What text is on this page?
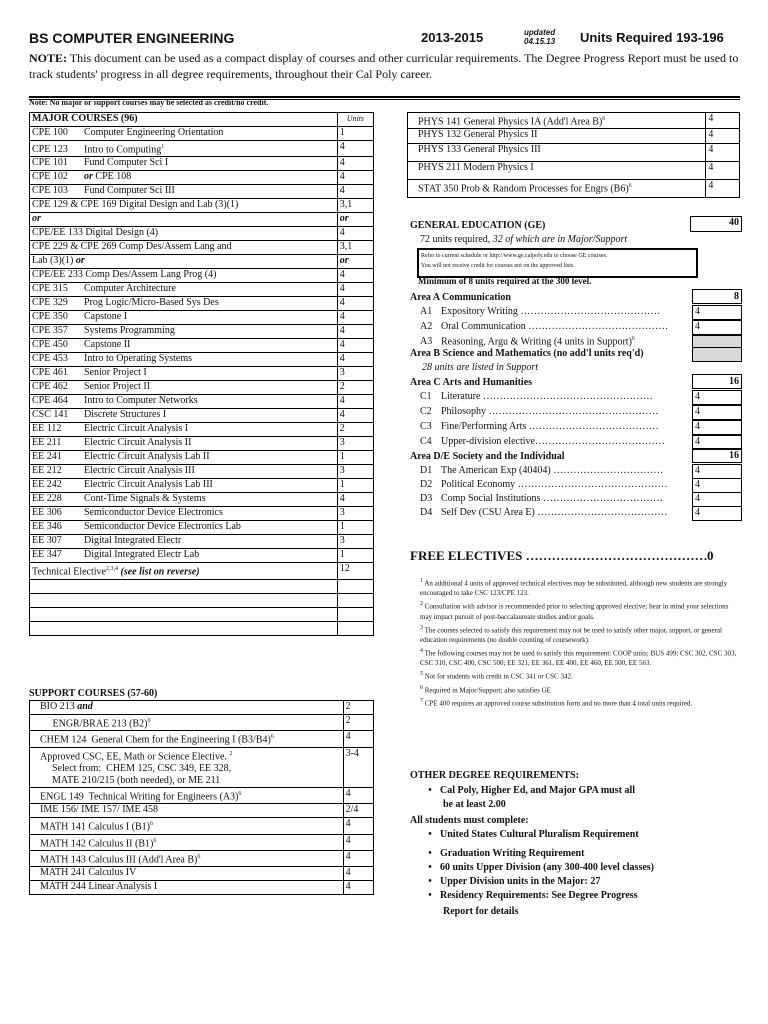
BS COMPUTER ENGINEERING	2013-2015	updated
04.15.13 Units Required 193-196
NOTE: This document can be used as a compact display of courses and other curricular requirements. The Degree Progress Report must be used to track students' progress in all degree requirements, throughout their Cal Poly career.
Note: No major or support courses may be selected as credit/no credit.
MAJOR COURSES (96)	Units
CPE 100 Computer Engineering Orientation	1
CPE 123 Intro to Computing$^1$	4
CPE 101 Fund Computer Sci I	4
CPE 102 or CPE 108	4
CPE 103 Fund Computer Sci III	4
CPE 129 & CPE 169 Digital Design and Lab (3)(1)	3,1
or	or
CPE/EE 133 Digital Design (4)	4
CPE 229 & CPE 269 Comp Des/Assem Lang and	3,1
Lab (3)(1) or	or
CPE/EE 233 Comp Des/Assem Lang Prog (4)	4
CPE 315 Computer Architecture	4
CPE 329 Prog Logic/Micro-Based Sys Des	4
CPE 350 Capstone I	4
CPE 357 Systems Programming	4
CPE 450 Capstone II	4
CPE 453 Intro to Operating Systems	4
CPE 461 Senior Project I	3
CPE 462 Senior Project II	2
CPE 464 Intro to Computer Networks	4
CSC 141 Discrete Structures I	4
EE 112 Electric Circuit Analysis I	2
EE 211 Electric Circuit Analysis II	3
EE 241 Electric Circuit Analysis Lab II	1
EE 212 Electric Circuit Analysis III	3
EE 242 Electric Circuit Analysis Lab III	1
EE 228 Cont-Time Signals & Systems	4
EE 306 Semiconductor Device Electronics	3
EE 346 Semiconductor Device Electronics Lab	1
EE 307 Digital Integrated Electr	3
EE 347 Digital Integrated Electr Lab	1
Technical Elective$^{2,3,4}$ (see list on reverse)	12

PHYS 141 General Physics IA (Add'l Area B)$^6$	4
PHYS 132 General Physics II	4
PHYS 133 General Physics III	4
PHYS 211 Modern Physics I	4
STAT 350 Prob & Random Processes for Engrs $(B6)^6$	4
GENERAL EDUCATION (GE)	40
72 units required, 32 of which are in Major/Support
Refer to current schedule or http://www.ge.calpoly.edu to choose GE courses.
You will not receive credit for courses not on the approved lists.
Minimum of 8 units required at the 300 level.
Area A Communication	8
A1 Expository Writing ……………………………………	4
A2 Oral Communication ……………………………………	4
A3 Reasoning, Argu & Writing (4 units in Support)$^6$
Area B Science and Mathematics (no add'l units req'd)
28 units are listed in Support
Area C Arts and Humanities	16
C1 Literature ……………………………………………	4
C2 Philosophy ……………………………………………	4
C3 Fine/Performing Arts …………………………………	4
C4 Upper-division elective…………………………………	4
Area D/E Society and the Individual	16
D1 The American Exp (40404) ……………………………	4
D2 Political Economy ………………………………………	4
D3 Comp Social Institutions ………………………………	4
D4 Self Dev (CSU Area E) …………………………………	4
FREE ELECTIVES …………………………………… 0

$^1$ An additional 4 units of approved technical electives may be substituted, although new students are strongly encouraged to take CSC 123/CPE 123.

$^2$ Consultation with advisor is recommended prior to selecting approved elective; bear in mind your selections may impact pursuit of post-baccalaureate studies and/or goals.

$^3$ The courses selected to satisfy this requirement may not be used to satisfy other major, support, or general education requirements (no double counting of coursework).

$^4$ The following courses may not be used to satisfy this requirement: COOP units; BUS 499; CSC 302, CSC 303, CSC 310, CSC 400, CSC 500; EE 321, EE 361, EE 400, EE 460, EE 500, EE 563.

$^5$ Not for students with credit in CSC 341 or CSC 342.

$^6$ Required in Major/Support; also satisfies GE

$^7$ CPE 400 requires an approved course substitution form and no more than 4 total units required.

SUPPORT COURSES (57-60)
BIO 213 and	2
ENGR/BRAE 213 $(B2)^6$	2
CHEM 124  General Chem for the Engineering I $(B3/B4)^6$	4
Approved CSC, EE, Math or Science Elective. $^2$
Select from:  CHEM 125, CSC 349, EE 328,
MATE 210/215 (both needed), or ME 211	3-4
ENGL 149  Technical Writing for Engineers $(A3)^6$	4
IME 156/ IME 157/ IME 458	2/4
MATH 141 Calculus I $(B1)^6$	4
MATH 142 Calculus II $(B1)^6$	4
MATH 143 Calculus III (Add'l Area B)$^6$	4
MATH 241 Calculus IV	4
MATH 244 Linear Analysis I	4
OTHER DEGREE REQUIREMENTS:
• Cal Poly, Higher Ed, and Major GPA must all
be at least 2.00
All students must complete:
• United States Cultural Pluralism Requirement
• Graduation Writing Requirement
• 60 units Upper Division (any 300-400 level classes)
• Upper Division units in the Major: 27
• Residency Requirements: See Degree Progress
Report for details
